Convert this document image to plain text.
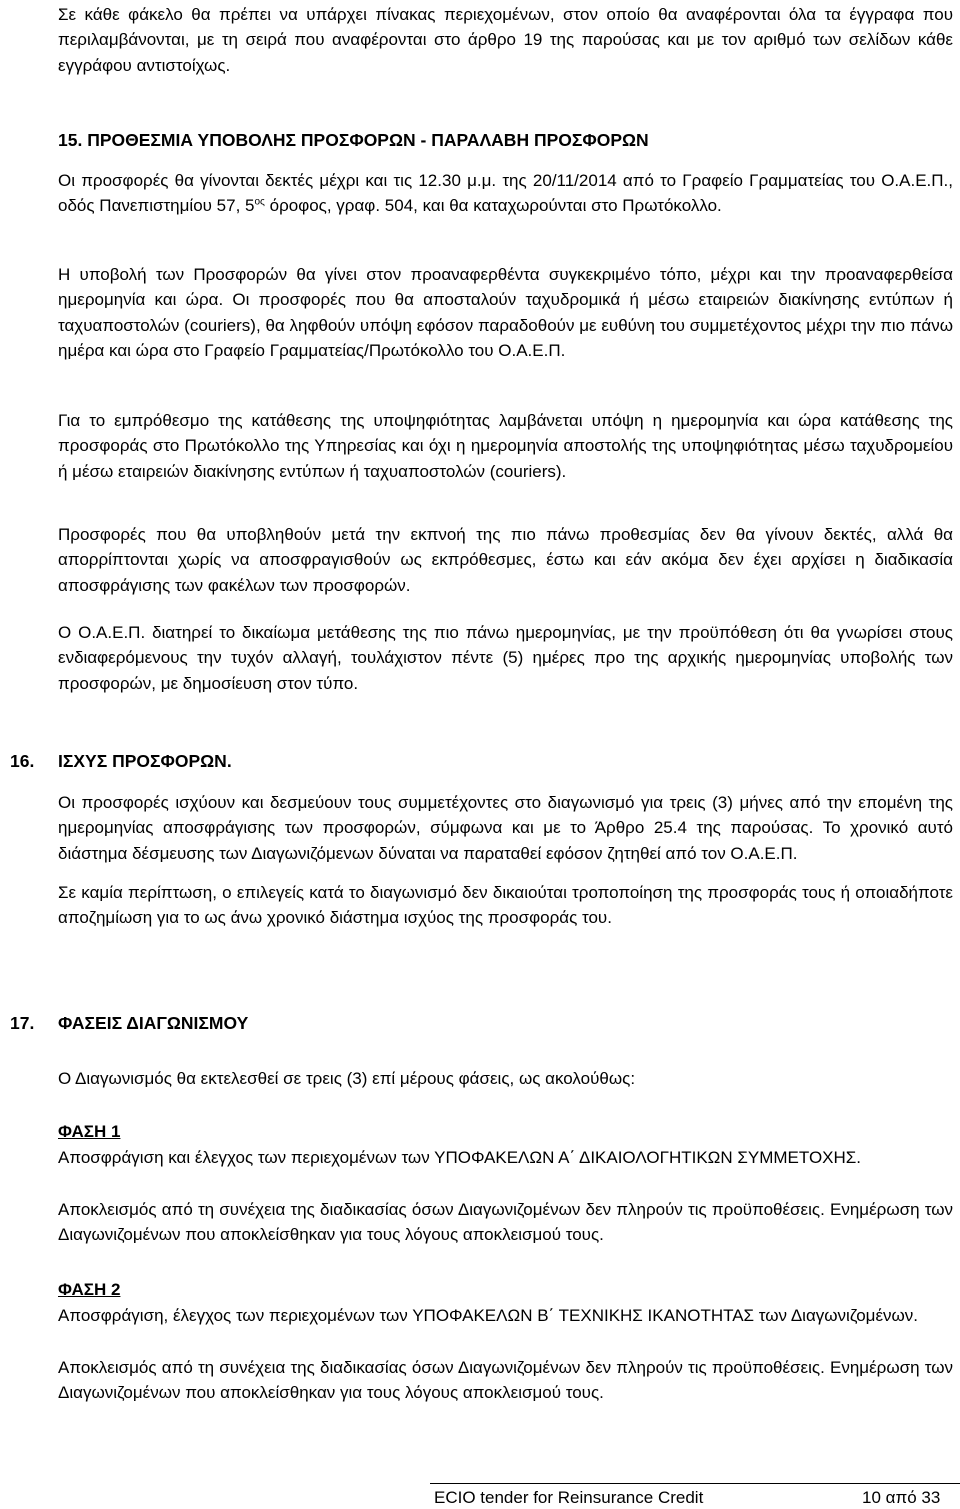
Σε κάθε φάκελο θα πρέπει να υπάρχει πίνακας περιεχομένων, στον οποίο θα αναφέρονται όλα τα έγγραφα που περιλαμβάνονται, με τη σειρά που αναφέρονται στο άρθρο 19 της παρούσας και με τον αριθμό των σελίδων κάθε εγγράφου αντιστοίχως.

15. ΠΡΟΘΕΣΜΙΑ ΥΠΟΒΟΛΗΣ ΠΡΟΣΦΟΡΩΝ - ΠΑΡΑΛΑΒΗ ΠΡΟΣΦΟΡΩΝ

Οι προσφορές θα γίνονται δεκτές μέχρι και τις 12.30 μ.μ. της 20/11/2014 από το Γραφείο Γραμματείας του Ο.Α.Ε.Π., οδός Πανεπιστημίου 57, $5^{o\varsigma}$ όροφος, γραφ. 504, και θα καταχωρούνται στο Πρωτόκολλο.

Η υποβολή των Προσφορών θα γίνει στον προαναφερθέντα συγκεκριμένο τόπο, μέχρι και την προαναφερθείσα ημερομηνία και ώρα. Οι προσφορές που θα αποσταλούν ταχυδρομικά ή μέσω εταιρειών διακίνησης εντύπων ή ταχυαποστολών (couriers), θα ληφθούν υπόψη εφόσον παραδοθούν με ευθύνη του συμμετέχοντος μέχρι την πιο πάνω ημέρα και ώρα στο Γραφείο Γραμματείας/Πρωτόκολλο του Ο.Α.Ε.Π.

Για το εμπρόθεσμο της κατάθεσης της υποψηφιότητας λαμβάνεται υπόψη η ημερομηνία και ώρα κατάθεσης της προσφοράς στο Πρωτόκολλο της Υπηρεσίας και όχι η ημερομηνία αποστολής της υποψηφιότητας μέσω ταχυδρομείου ή μέσω εταιρειών διακίνησης εντύπων ή ταχυαποστολών (couriers).

Προσφορές που θα υποβληθούν μετά την εκπνοή της πιο πάνω προθεσμίας δεν θα γίνουν δεκτές, αλλά θα απορρίπτονται χωρίς να αποσφραγισθούν ως εκπρόθεσμες, έστω και εάν ακόμα δεν έχει αρχίσει η διαδικασία αποσφράγισης των φακέλων των προσφορών.

Ο Ο.Α.Ε.Π. διατηρεί το δικαίωμα μετάθεσης της πιο πάνω ημερομηνίας, με την προϋπόθεση ότι θα γνωρίσει στους ενδιαφερόμενους την τυχόν αλλαγή, τουλάχιστον πέντε (5) ημέρες προ της αρχικής ημερομηνίας υποβολής των προσφορών, με δημοσίευση στον τύπο.

16. ΙΣΧΥΣ ΠΡΟΣΦΟΡΩΝ.

Οι προσφορές ισχύουν και δεσμεύουν τους συμμετέχοντες στο διαγωνισμό για τρεις (3) μήνες από την επομένη της ημερομηνίας αποσφράγισης των προσφορών, σύμφωνα και με το Άρθρο 25.4 της παρούσας. Το χρονικό αυτό διάστημα δέσμευσης των Διαγωνιζόμενων δύναται να παραταθεί εφόσον ζητηθεί από τον Ο.Α.Ε.Π.

Σε καμία περίπτωση, ο επιλεγείς κατά το διαγωνισμό δεν δικαιούται τροποποίηση της προσφοράς τους ή οποιαδήποτε αποζημίωση για το ως άνω χρονικό διάστημα ισχύος της προσφοράς του.

17. ΦΑΣΕΙΣ ΔΙΑΓΩΝΙΣΜΟΥ

Ο Διαγωνισμός θα εκτελεσθεί σε τρεις (3) επί μέρους φάσεις, ως ακολούθως:

ΦΑΣΗ 1

Αποσφράγιση και έλεγχος των περιεχομένων των ΥΠΟΦΑΚΕΛΩΝ Α΄ ΔΙΚΑΙΟΛΟΓΗΤΙΚΩΝ ΣΥΜΜΕΤΟΧΗΣ.

Αποκλεισμός από τη συνέχεια της διαδικασίας όσων Διαγωνιζομένων δεν πληρούν τις προϋποθέσεις. Ενημέρωση των Διαγωνιζομένων που αποκλείσθηκαν για τους λόγους αποκλεισμού τους.

ΦΑΣΗ 2

Αποσφράγιση, έλεγχος των περιεχομένων των ΥΠΟΦΑΚΕΛΩΝ Β΄ ΤΕΧΝΙΚΗΣ ΙΚΑΝΟΤΗΤΑΣ των Διαγωνιζομένων.

Αποκλεισμός από τη συνέχεια της διαδικασίας όσων Διαγωνιζομένων δεν πληρούν τις προϋποθέσεις. Ενημέρωση των Διαγωνιζομένων που αποκλείσθηκαν για τους λόγους αποκλεισμού τους.

ECIO tender for Reinsurance Credit	10 από 33
